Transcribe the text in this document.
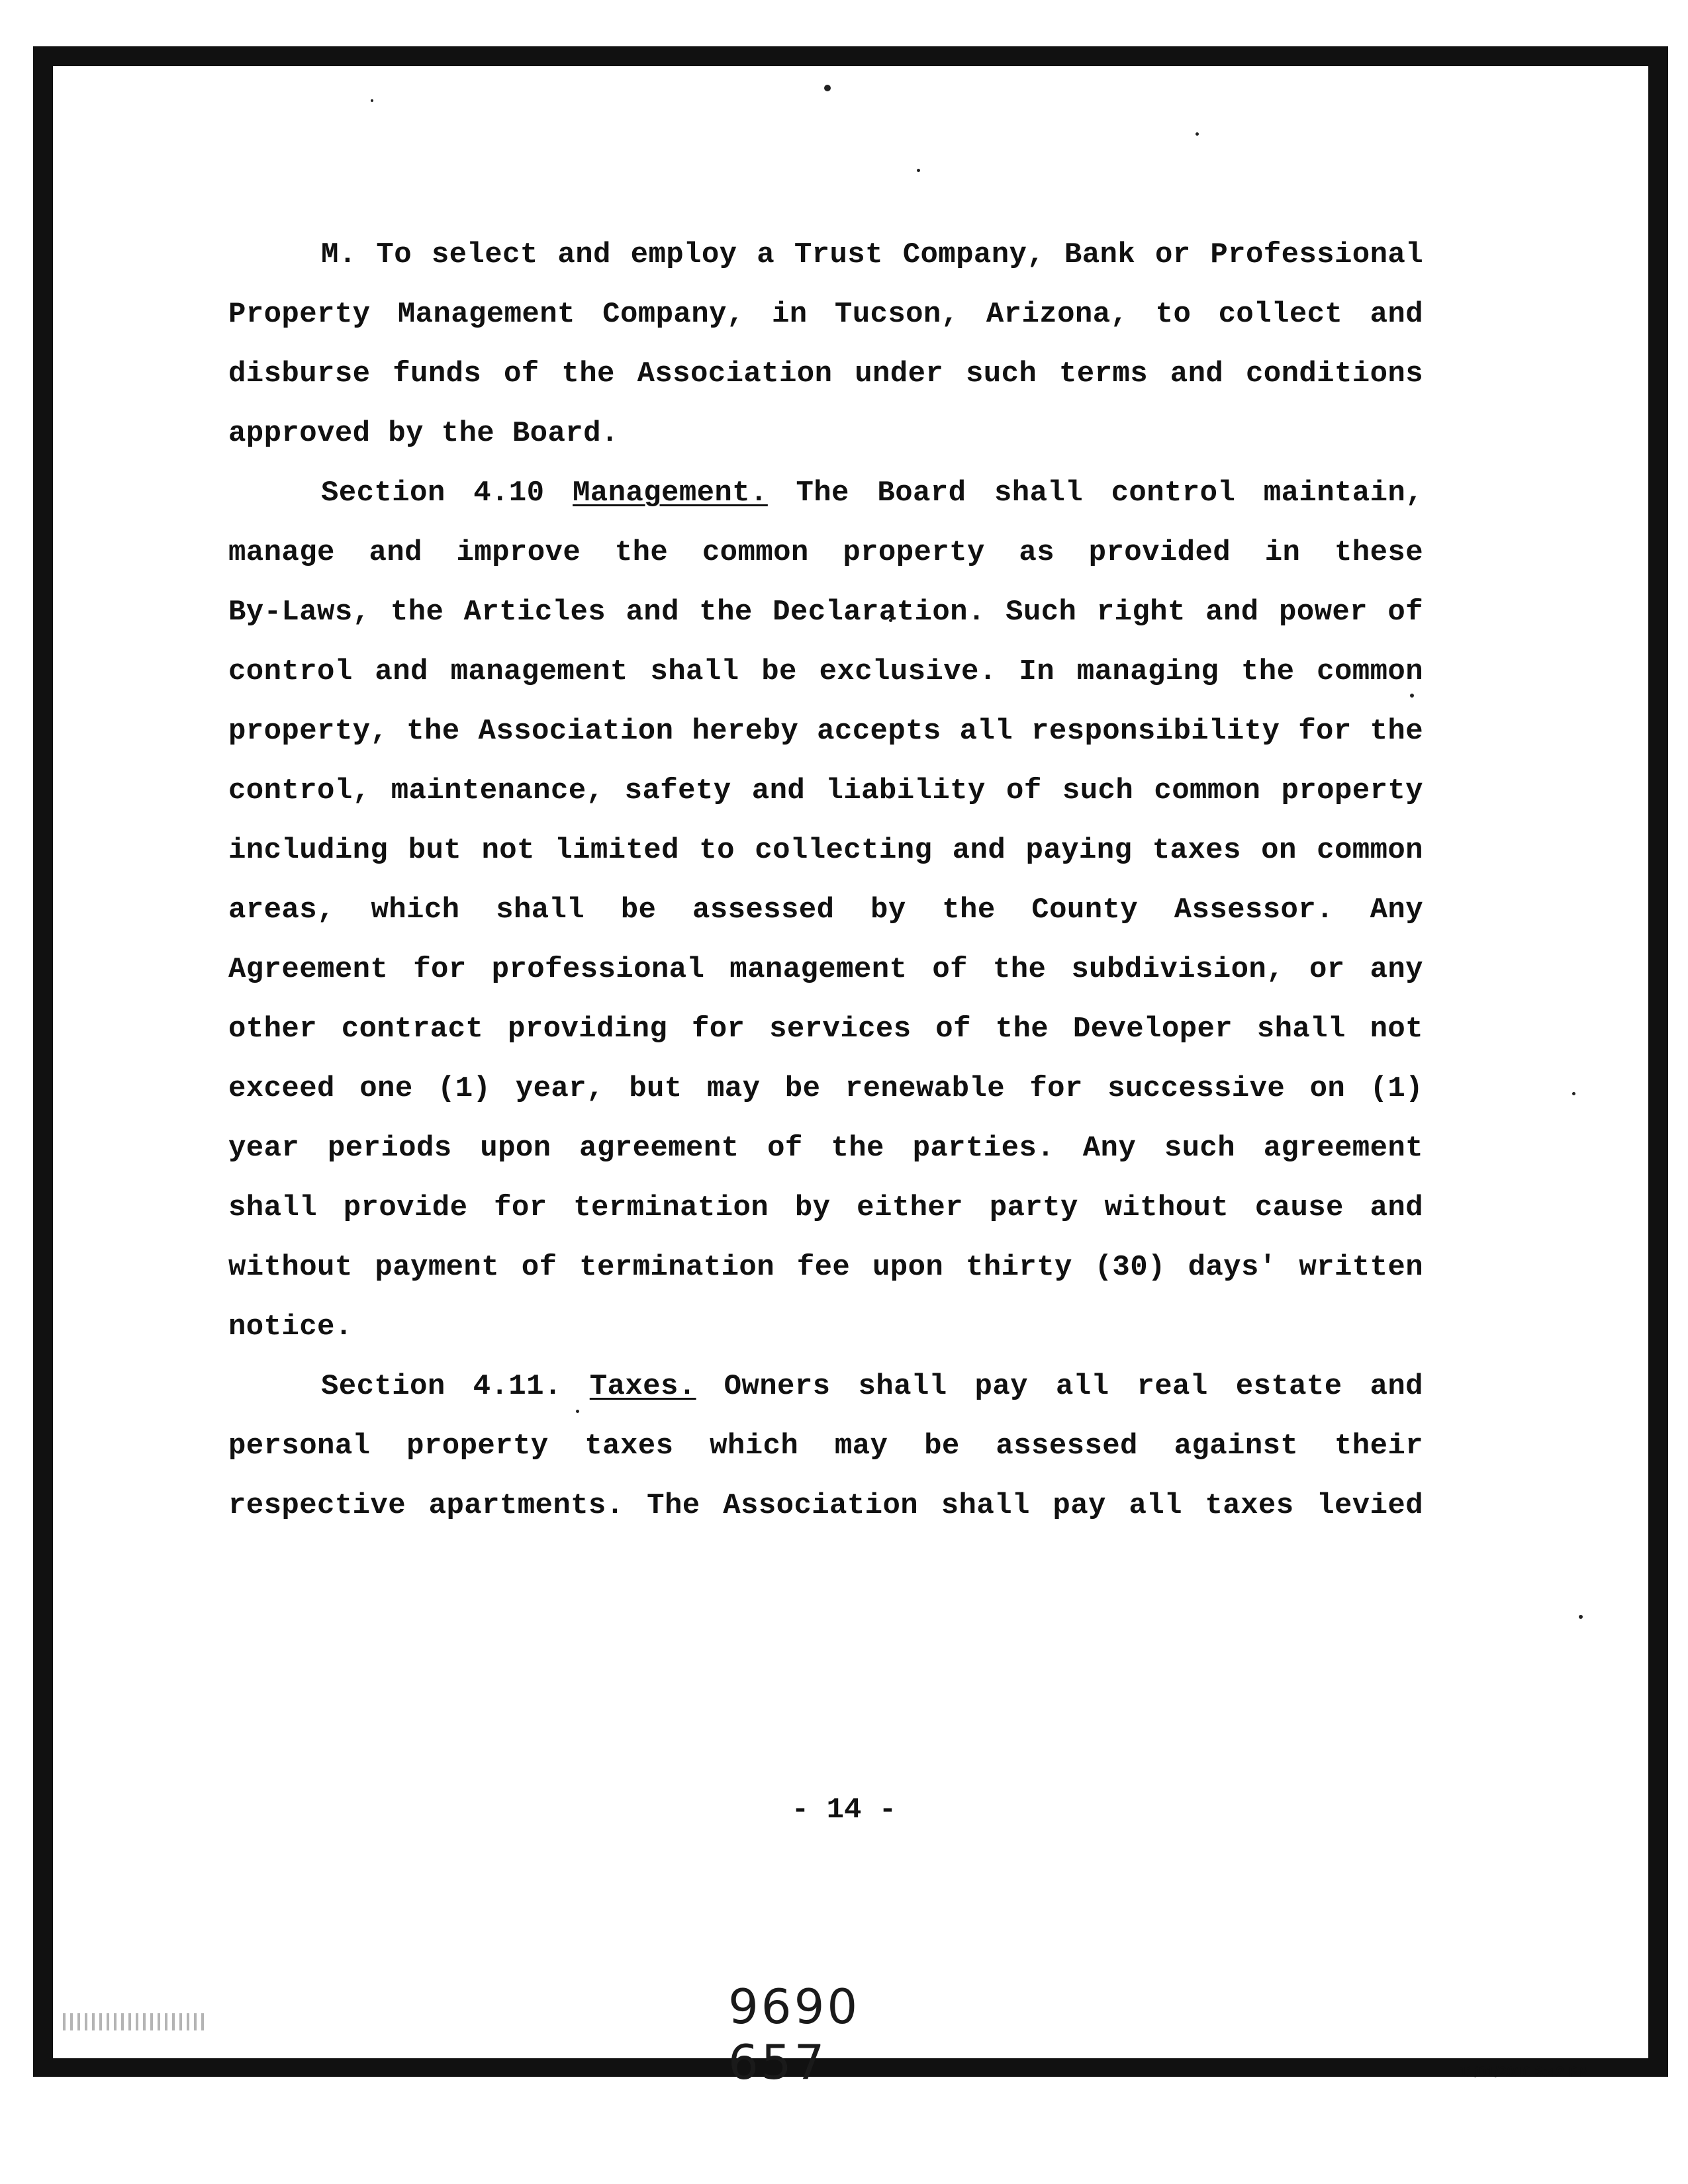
M. To select and employ a Trust Company, Bank or Professional
Property Management Company, in Tucson, Arizona, to collect and
disburse funds of the Association under such terms and conditions
approved by the Board.
Section 4.10 Management. The Board shall control maintain,
manage and improve the common property as provided in these
By-Laws, the Articles and the Declaration. Such right and power of
control and management shall be exclusive. In managing the common
property, the Association hereby accepts all responsibility for the
control, maintenance, safety and liability of such common property
including but not limited to collecting and paying taxes on common
areas, which shall be assessed by the County Assessor. Any
Agreement for professional management of the subdivision, or any
other contract providing for services of the Developer shall not
exceed one (1) year, but may be renewable for successive on (1)
year periods upon agreement of the parties. Any such agreement
shall provide for termination by either party without cause and
without payment of termination fee upon thirty (30) days' written
notice.
Section 4.11. Taxes. Owners shall pay all real estate and
personal property taxes which may be assessed against their
respective apartments. The Association shall pay all taxes levied
- 14 -
9690  657	11/01/2010 3:42 PM
